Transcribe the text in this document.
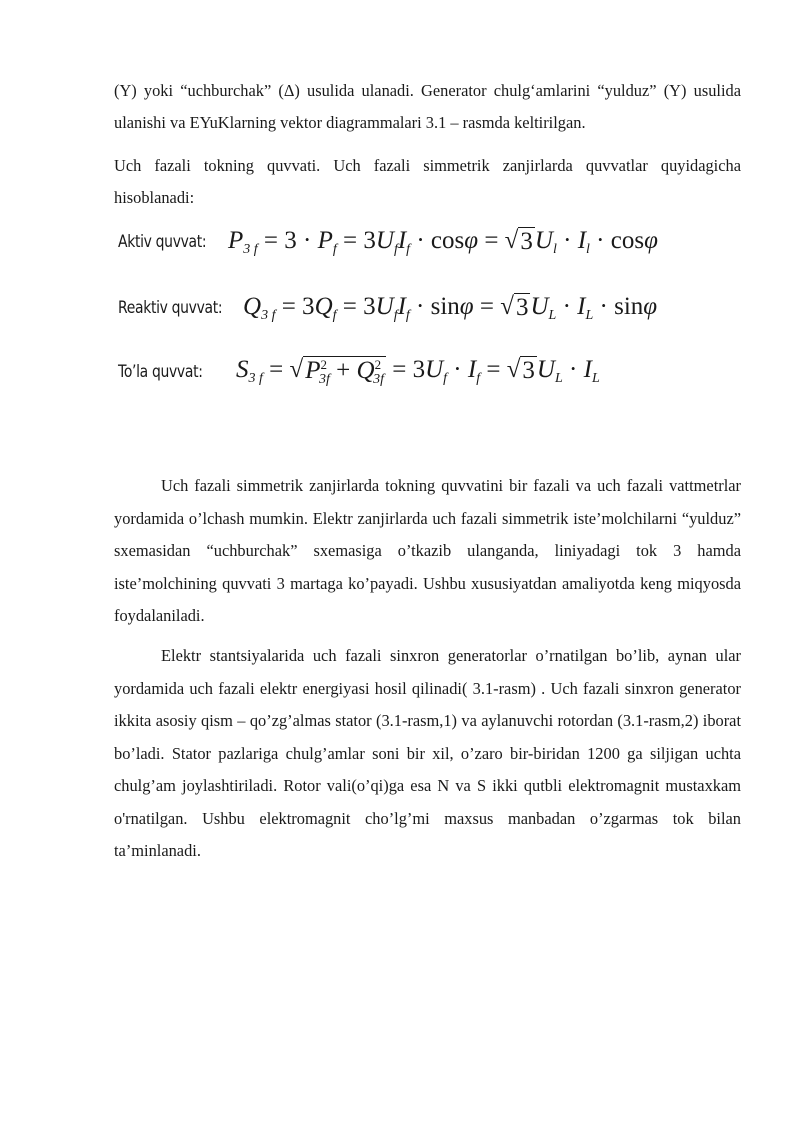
(Y) yoki “uchburchak” (Δ) usulida ulanadi. Generator chulg‘amlarini “yulduz” (Y) usulida ulanishi va EYuKlarning vektor diagrammalari 3.1 – rasmda keltirilgan.

Uch fazali tokning quvvati. Uch fazali simmetrik zanjirlarda quvvatlar quyidagicha hisoblanadi:

Aktiv quvvat: $P_{3 f} = 3 \cdot P_f = 3U_fI_f \cdot \cos\varphi$ = √ 3 $U_l \cdot I_l \cdot \cos\varphi$
Reaktiv quvvat: $Q_{3 f} = 3Q_f = 3U_fI_f \cdot \sin\varphi$ = √ 3 $U_L \cdot I_L \cdot \sin\varphi$
To’la quvvat: $S_{3 f}$ = √ $P^2_{3f} + Q^2_{3f} = 3U_f \cdot I_f$ = √ 3 $U_L \cdot I_L$

Uch fazali simmetrik zanjirlarda tokning quvvatini bir fazali va uch fazali vattmetrlar yordamida o’lchash mumkin. Elektr zanjirlarda uch fazali simmetrik iste’molchilarni “yulduz” sxemasidan “uchburchak” sxemasiga o’tkazib ulanganda, liniyadagi tok 3 hamda iste’molchining quvvati 3 martaga ko’payadi. Ushbu xususiyatdan amaliyotda keng miqyosda foydalaniladi.

Elektr stantsiyalarida uch fazali sinxron generatorlar o’rnatilgan bo’lib, aynan ular yordamida uch fazali elektr energiyasi hosil qilinadi( 3.1-rasm) . Uch fazali sinxron generator ikkita asosiy qism – qo’zg’almas stator (3.1-rasm,1) va aylanuvchi rotordan (3.1-rasm,2) iborat bo’ladi. Stator pazlariga chulg’amlar soni bir xil, o’zaro bir-biridan 1200 ga siljigan uchta chulg’am joylashtiriladi. Rotor vali(o’qi)ga esa N va S ikki qutbli elektromagnit mustaxkam o'rnatilgan. Ushbu elektromagnit cho’lg’mi maxsus manbadan o’zgarmas tok bilan ta’minlanadi.
